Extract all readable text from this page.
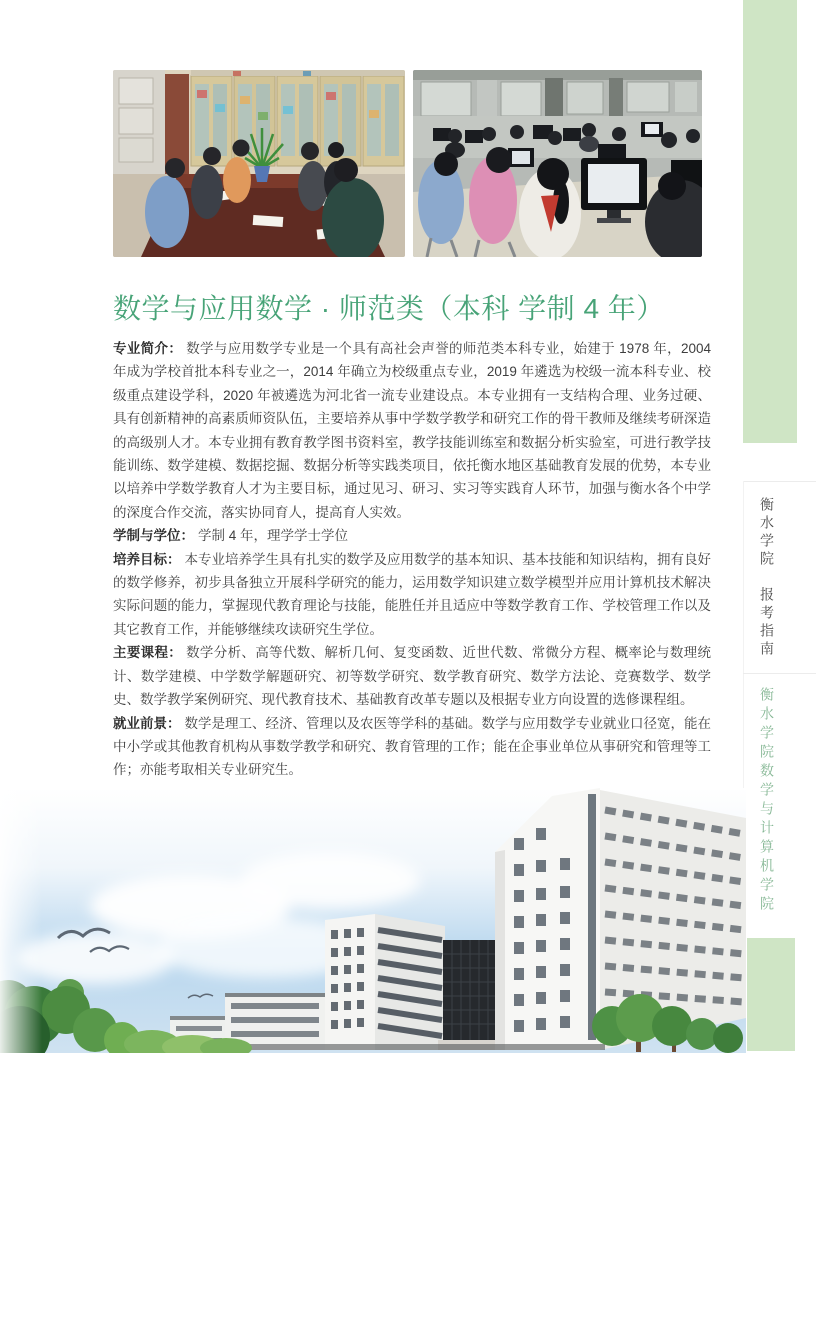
衡水学院　报考指南
衡水学院数学与计算机学院
数学与应用数学 · 师范类（本科 学制 4 年）

专业简介： 数学与应用数学专业是一个具有高社会声誉的师范类本科专业，始建于 1978 年，2004 年成为学校首批本科专业之一，2014 年确立为校级重点专业，2019 年遴选为校级一流本科专业、校级重点建设学科，2020 年被遴选为河北省一流专业建设点。本专业拥有一支结构合理、业务过硬、具有创新精神的高素质师资队伍，主要培养从事中学数学教学和研究工作的骨干教师及继续考研深造的高级别人才。本专业拥有教育教学图书资料室，教学技能训练室和数据分析实验室，可进行教学技能训练、数学建模、数据挖掘、数据分析等实践类项目，依托衡水地区基础教育发展的优势，本专业以培养中学数学教育人才为主要目标，通过见习、研习、实习等实践育人环节，加强与衡水各个中学的深度合作交流，落实协同育人，提高育人实效。

学制与学位： 学制 4 年，理学学士学位

培养目标： 本专业培养学生具有扎实的数学及应用数学的基本知识、基本技能和知识结构，拥有良好的数学修养，初步具备独立开展科学研究的能力，运用数学知识建立数学模型并应用计算机技术解决实际问题的能力，掌握现代教育理论与技能，能胜任并且适应中等数学教育工作、学校管理工作以及其它教育工作，并能够继续攻读研究生学位。

主要课程： 数学分析、高等代数、解析几何、复变函数、近世代数、常微分方程、概率论与数理统计、数学建模、中学数学解题研究、初等数学研究、数学教育研究、数学方法论、竞赛数学、数学史、数学教学案例研究、现代教育技术、基础教育改革专题以及根据专业方向设置的选修课程组。

就业前景： 数学是理工、经济、管理以及农医等学科的基础。数学与应用数学专业就业口径宽，能在中小学或其他教育机构从事数学教学和研究、教育管理的工作；能在企事业单位从事研究和管理等工作；亦能考取相关专业研究生。
